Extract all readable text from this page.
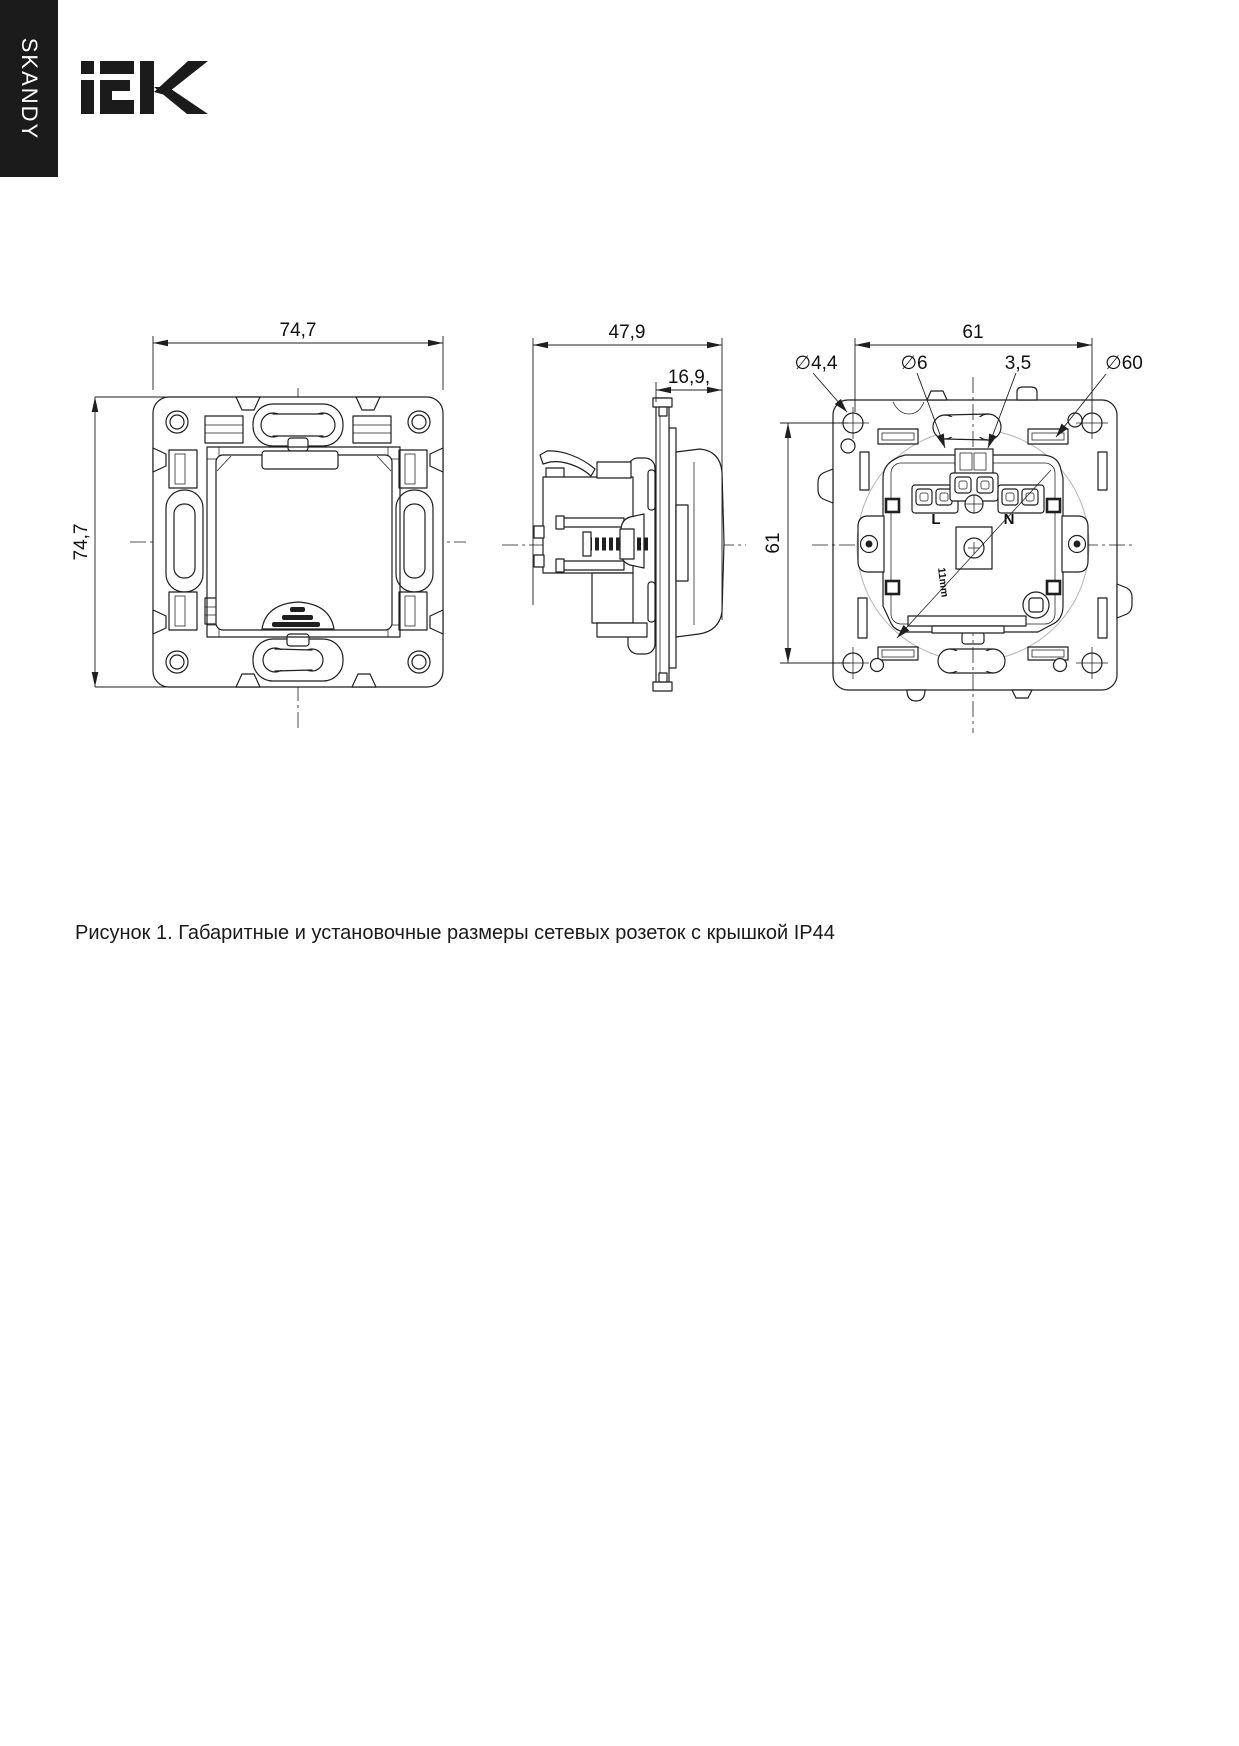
SKANDY
74,7
74,7
47,9
16,9,
11mm
L	N
61
61
∅4,4	∅6	3,5	∅60

Рисунок 1. Габаритные и установочные размеры сетевых розеток с крышкой IP44
